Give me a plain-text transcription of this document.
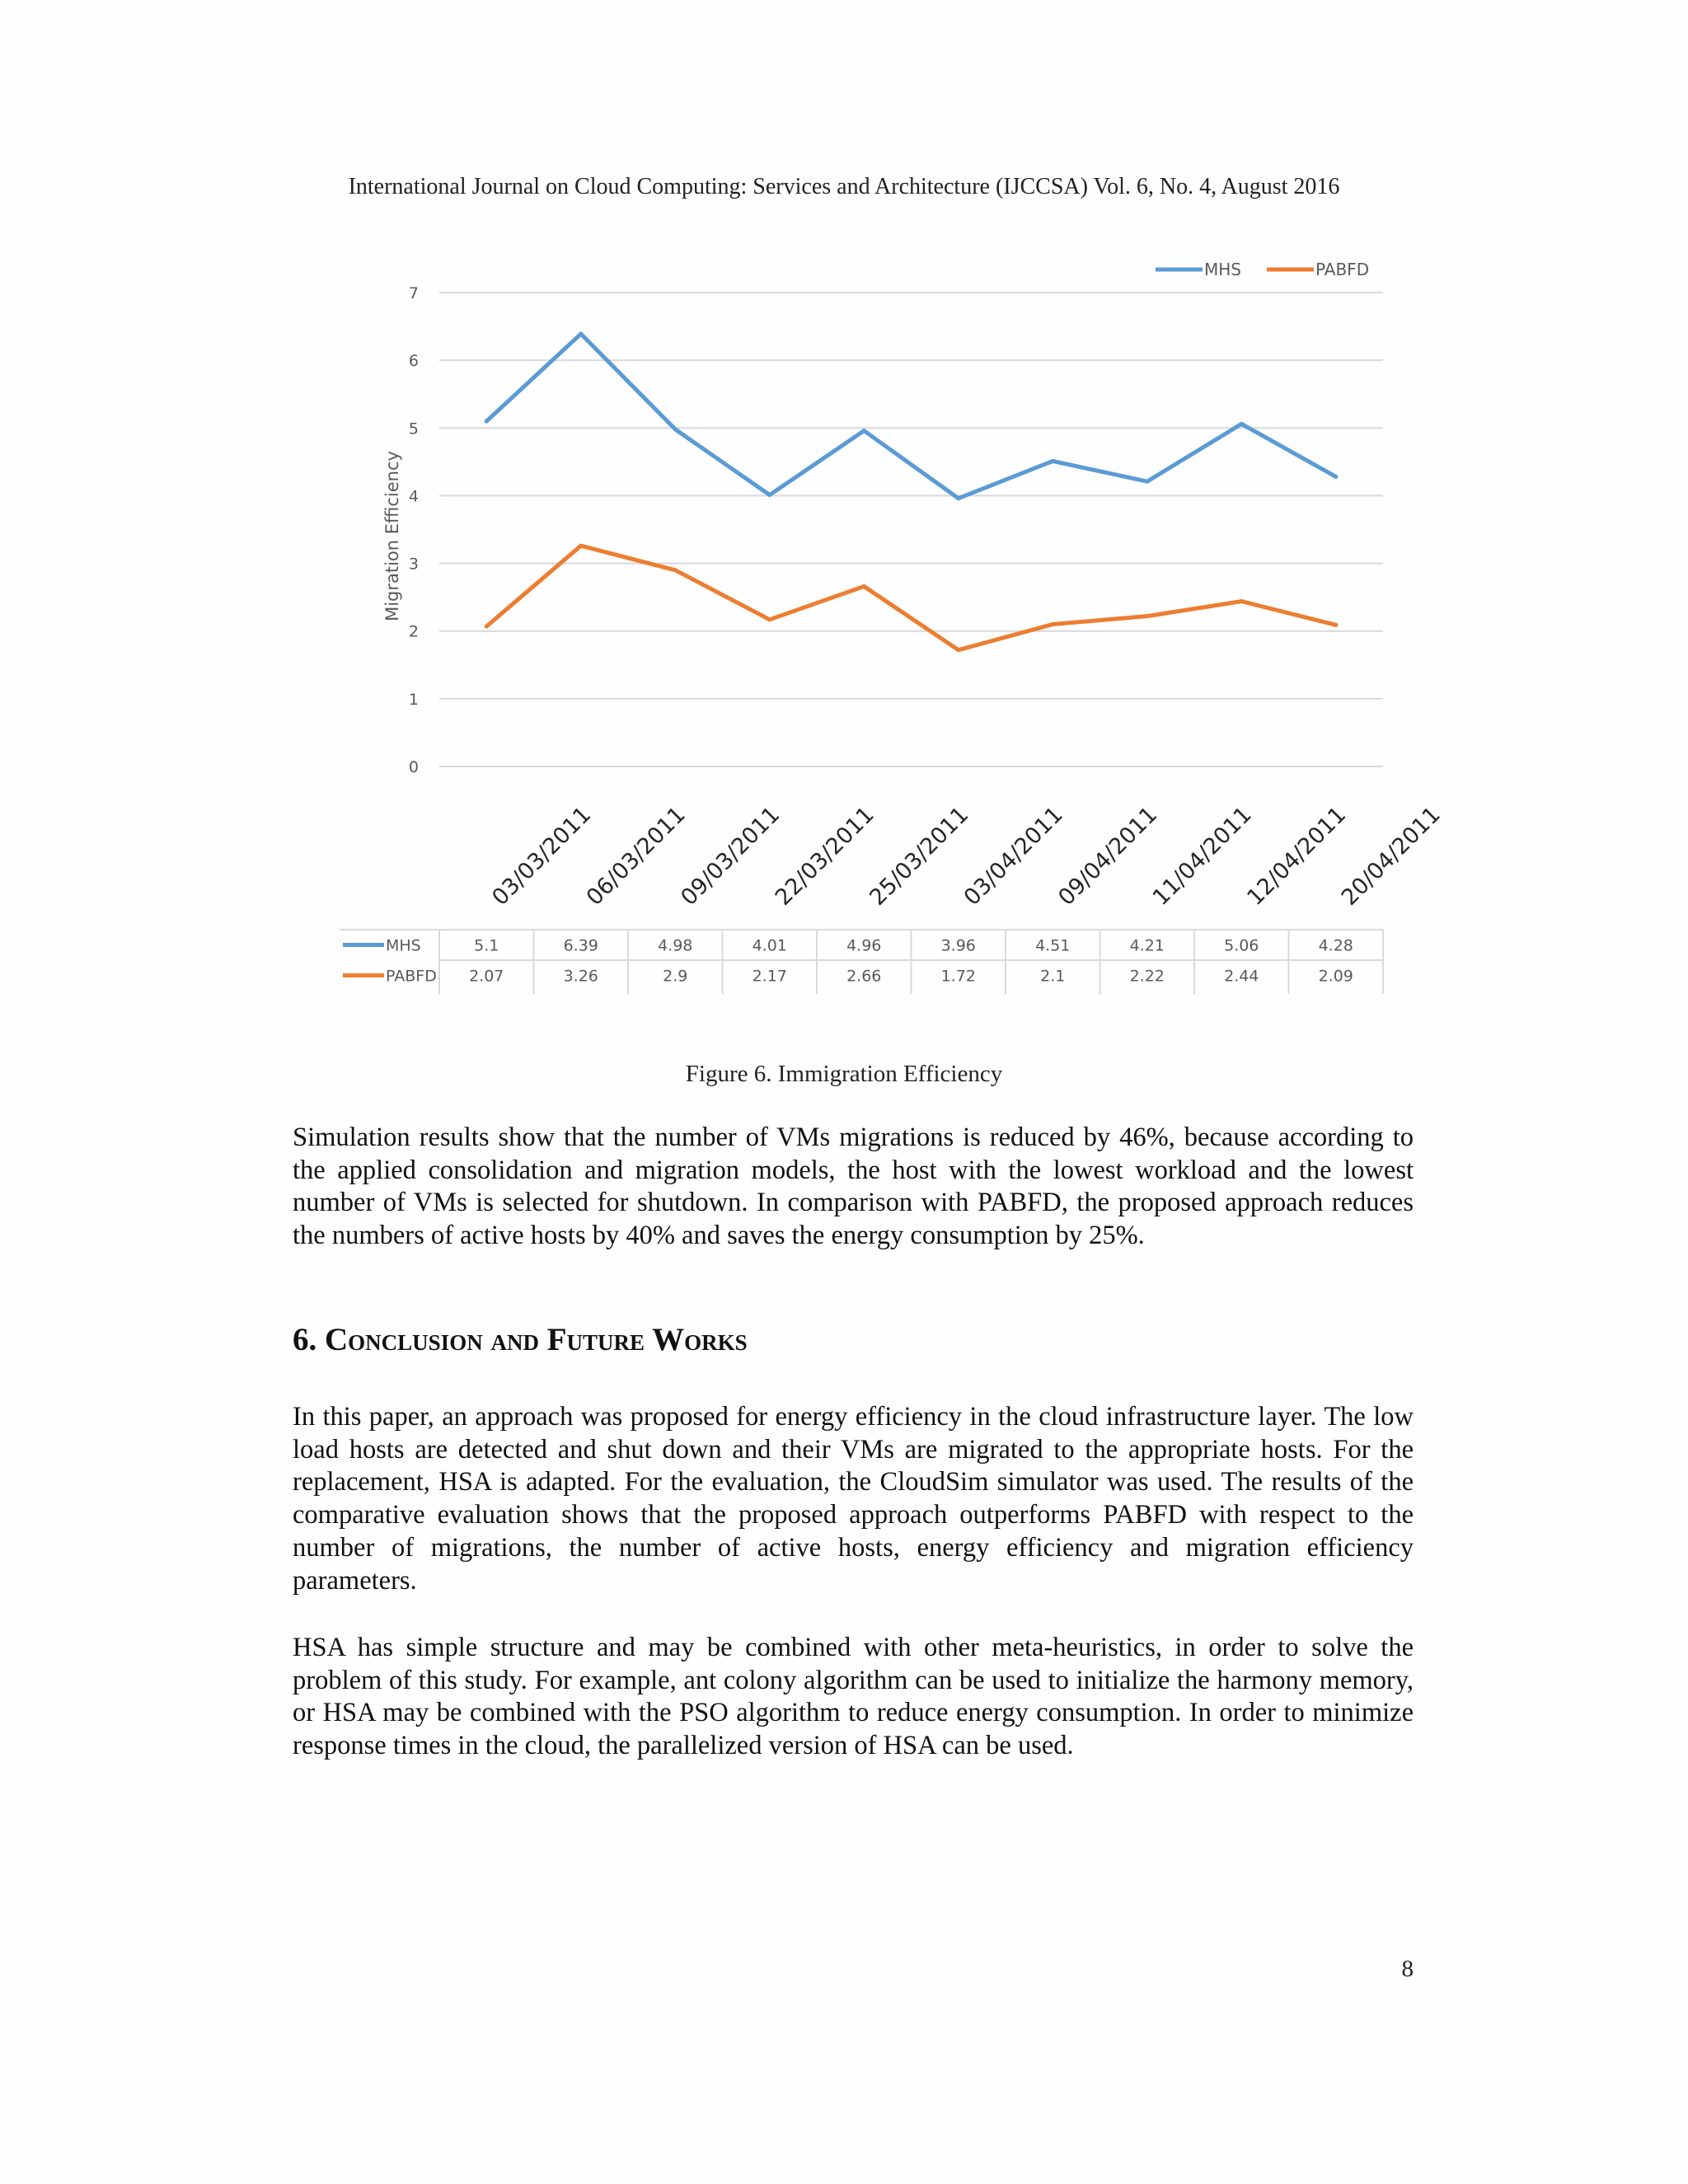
International Journal on Cloud Computing: Services and Architecture (IJCCSA) Vol. 6, No. 4, August 2016
0
1
2
3
4
5
6
7
Migration Efficiency
03/03/2011
06/03/2011
09/03/2011
22/03/2011
25/03/2011
03/04/2011
09/04/2011
11/04/2011
12/04/2011
20/04/2011
MHS	PABFD
MHS	5.1	6.39	4.98	4.01	4.96	3.96	4.51	4.21	5.06	4.28
PABFD 2.07	3.26	2.9	2.17	2.66	1.72	2.1	2.22	2.44	2.09
Figure 6. Immigration Efficiency

Simulation results show that the number of VMs migrations is reduced by 46%, because according to the applied consolidation and migration models, the host with the lowest workload and the lowest number of VMs is selected for shutdown. In comparison with PABFD, the proposed approach reduces the numbers of active hosts by 40% and saves the energy consumption by 25%.

6. Conclusion and Future Works

In this paper, an approach was proposed for energy efficiency in the cloud infrastructure layer. The low load hosts are detected and shut down and their VMs are migrated to the appropriate hosts. For the replacement, HSA is adapted. For the evaluation, the CloudSim simulator was used. The results of the comparative evaluation shows that the proposed approach outperforms PABFD with respect to the number of migrations, the number of active hosts, energy efficiency and migration efficiency parameters.

HSA has simple structure and may be combined with other meta-heuristics, in order to solve the problem of this study. For example, ant colony algorithm can be used to initialize the harmony memory, or HSA may be combined with the PSO algorithm to reduce energy consumption. In order to minimize response times in the cloud, the parallelized version of HSA can be used.

8
